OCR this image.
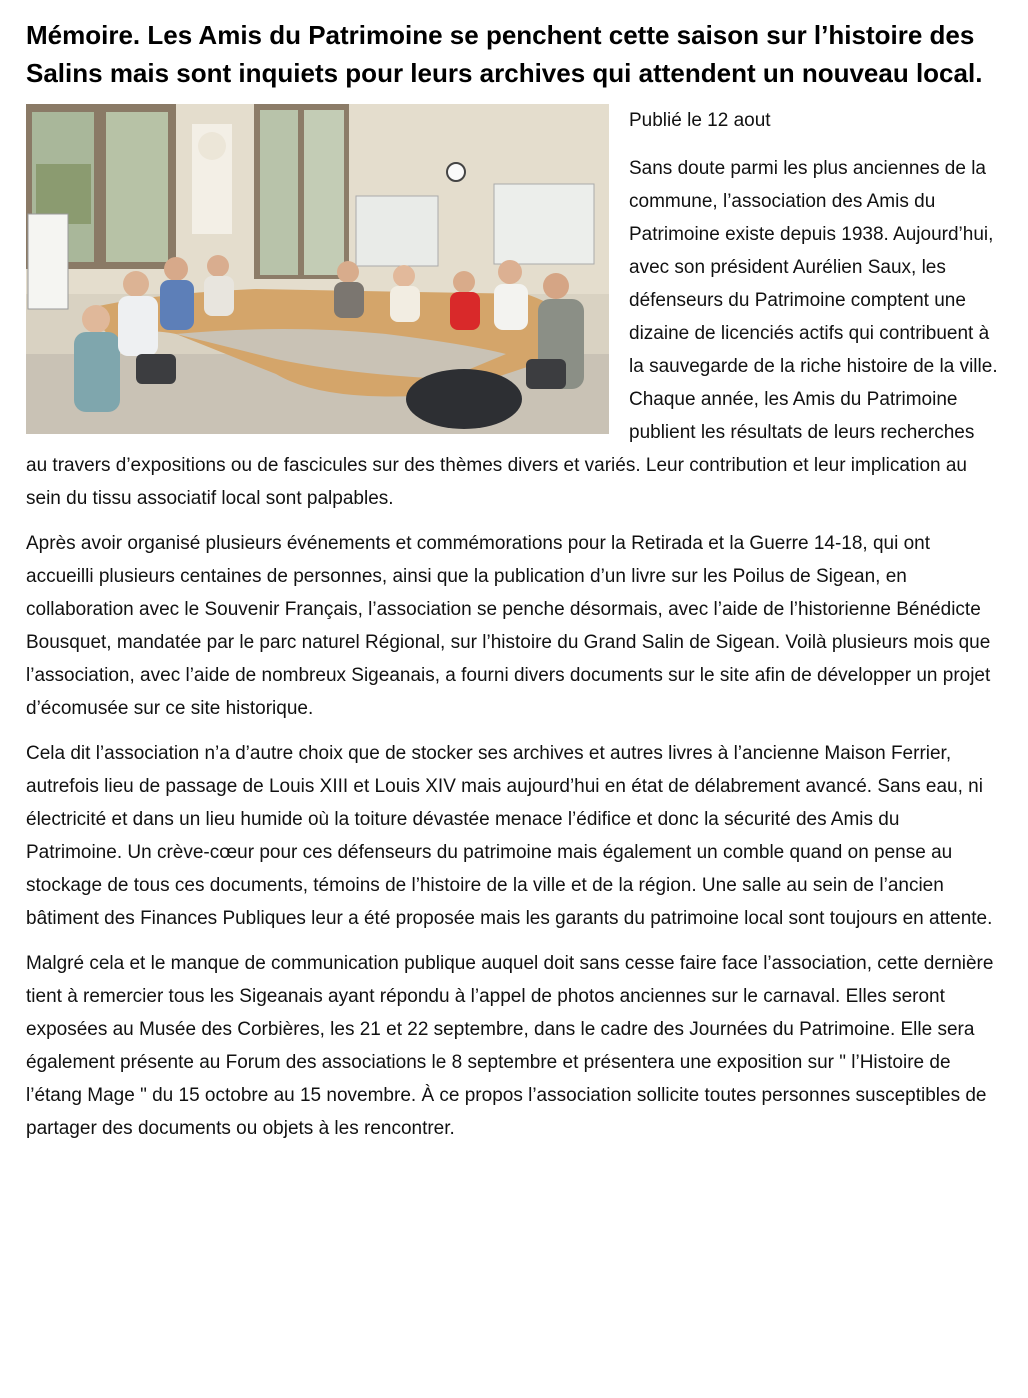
Mémoire. Les Amis du Patrimoine se penchent cette saison sur l’histoire des Salins mais sont inquiets pour leurs archives qui attendent un nouveau local.

Publié le 12 aout

Sans doute parmi les plus anciennes de la commune, l’association des Amis du Patrimoine existe depuis 1938. Aujourd’hui, avec son président Aurélien Saux, les défenseurs du Patrimoine comptent une dizaine de licenciés actifs qui contribuent à la sauvegarde de la riche histoire de la ville. Chaque année, les Amis du Patrimoine publient les résultats de leurs recherches au travers d’expositions ou de fascicules sur des thèmes divers et variés. Leur contribution et leur implication au sein du tissu associatif local sont palpables.

Après avoir organisé plusieurs événements et commémorations pour la Retirada et la Guerre 14-18, qui ont accueilli plusieurs centaines de personnes, ainsi que la publication d’un livre sur les Poilus de Sigean, en collaboration avec le Souvenir Français, l’association se penche désormais, avec l’aide de l’historienne Bénédicte Bousquet, mandatée par le parc naturel Régional, sur l’histoire du Grand Salin de Sigean. Voilà plusieurs mois que l’association, avec l’aide de nombreux Sigeanais, a fourni divers documents sur le site afin de développer un projet d’écomusée sur ce site historique.

Cela dit l’association n’a d’autre choix que de stocker ses archives et autres livres à l’ancienne Maison Ferrier, autrefois lieu de passage de Louis XIII et Louis XIV mais aujourd’hui en état de délabrement avancé. Sans eau, ni électricité et dans un lieu humide où la toiture dévastée menace l’édifice et donc la sécurité des Amis du Patrimoine. Un crève-cœur pour ces défenseurs du patrimoine mais également un comble quand on pense au stockage de tous ces documents, témoins de l’histoire de la ville et de la région. Une salle au sein de l’ancien bâtiment des Finances Publiques leur a été proposée mais les garants du patrimoine local sont toujours en attente.

Malgré cela et le manque de communication publique auquel doit sans cesse faire face l’association, cette dernière tient à remercier tous les Sigeanais ayant répondu à l’appel de photos anciennes sur le carnaval. Elles seront exposées au Musée des Corbières, les 21 et 22 septembre, dans le cadre des Journées du Patrimoine. Elle sera également présente au Forum des associations le 8 septembre et présentera une exposition sur " l’Histoire de l’étang Mage " du 15 octobre au 15 novembre. À ce propos l’association sollicite toutes personnes susceptibles de partager des documents ou objets à les rencontrer.
